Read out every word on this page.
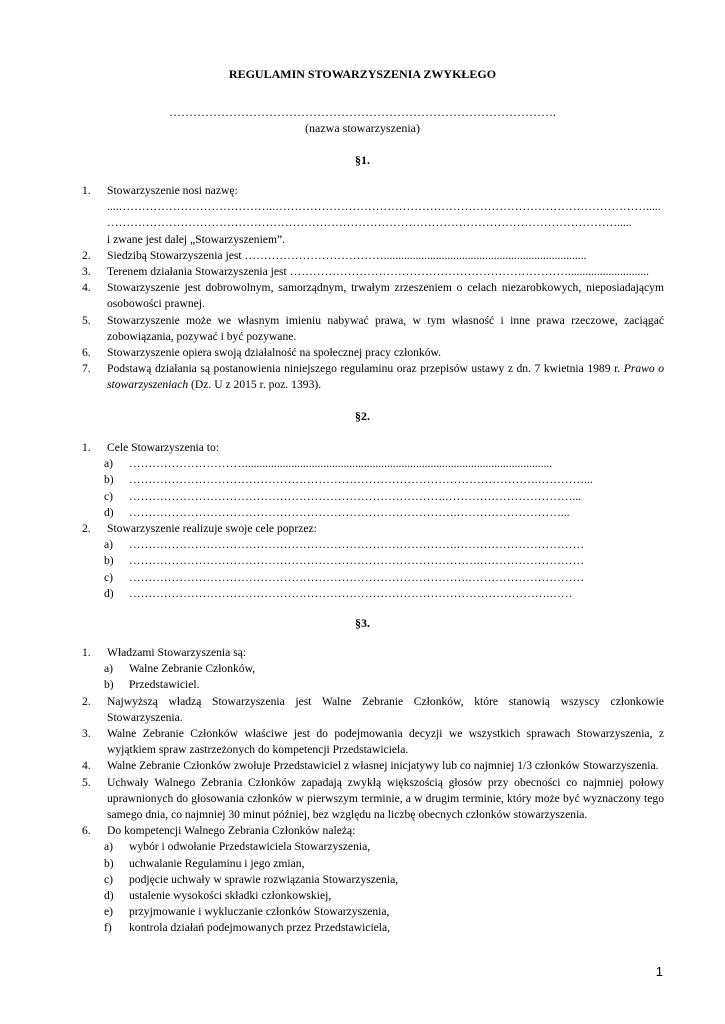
REGULAMIN STOWARZYSZENIA ZWYKŁEGO
…………………………………………………………………………………….
(nazwa stowarzyszenia)
§1.
1.	Stowarzyszenie nosi nazwę:
....…………………………………..…………………………………………………………………………………….....
…………………………………………………………………………………………………………………….....
i zwane jest dalej „Stowarzyszeniem”.
2.	Siedzibą Stowarzyszenia jest ………………………………......................................................................
3.	Terenem działania Stowarzyszenia jest ………………………………………………………………............................
4.	Stowarzyszenie jest dobrowolnym, samorządnym, trwałym zrzeszeniem o celach niezarobkowych, nieposiadającym osobowości prawnej.
5.	Stowarzyszenie może we własnym imieniu nabywać prawa, w tym własność i inne prawa rzeczowe, zaciągać zobowiązania, pozywać i być pozywane.
6.	Stowarzyszenie opiera swoją działalność na społecznej pracy członków.
7.	Podstawą działania są postanowienia niniejszego regulaminu oraz przepisów ustawy z dn. 7 kwietnia 1989 r. Prawo o stowarzyszeniach (Dz. U z 2015 r. poz. 1393).
§2.
1.	Cele Stowarzyszenia to:
a) …………………………..........................................................................................................
b) …………………………………………………………………………………………….…………...
c) ……………………………………………………………………….……………………………...
d) ………………………………………………………………………….………………………...
2.	Stowarzyszenie realizuje swoje cele poprzez:
a) ………………………………………………………………………….……………………………
b) ……………………………………………………………………………….………………………
c) …………………………………………………………………………….…………………………
d) ……………………………………………………………………………………………….……
§3.
1.	Władzami Stowarzyszenia są:
a) Walne Zebranie Członków,
b) Przedstawiciel.
2.	Najwyższą władzą Stowarzyszenia jest Walne Zebranie Członków, które stanowią wszyscy członkowie Stowarzyszenia.
3.	Walne Zebranie Członków właściwe jest do podejmowania decyzji we wszystkich sprawach Stowarzyszenia, z wyjątkiem spraw zastrzeżonych do kompetencji Przedstawiciela.
4.	Walne Zebranie Członków zwołuje Przedstawiciel z własnej inicjatywy lub co najmniej 1/3 członków Stowarzyszenia.
5.	Uchwały Walnego Zebrania Członków zapadają zwykłą większością głosów przy obecności co najmniej połowy uprawnionych do głosowania członków w pierwszym terminie, a w drugim terminie, który może być wyznaczony tego samego dnia, co najmniej 30 minut później, bez względu na liczbę obecnych członków stowarzyszenia.
6.	Do kompetencji Walnego Zebrania Członków należą:
a) wybór i odwołanie Przedstawiciela Stowarzyszenia,
b) uchwalanie Regulaminu i jego zmian,
c) podjęcie uchwały w sprawie rozwiązania Stowarzyszenia,
d) ustalenie wysokości składki członkowskiej,
e) przyjmowanie i wykluczanie członków Stowarzyszenia,
f) kontrola działań podejmowanych przez Przedstawiciela,
1
